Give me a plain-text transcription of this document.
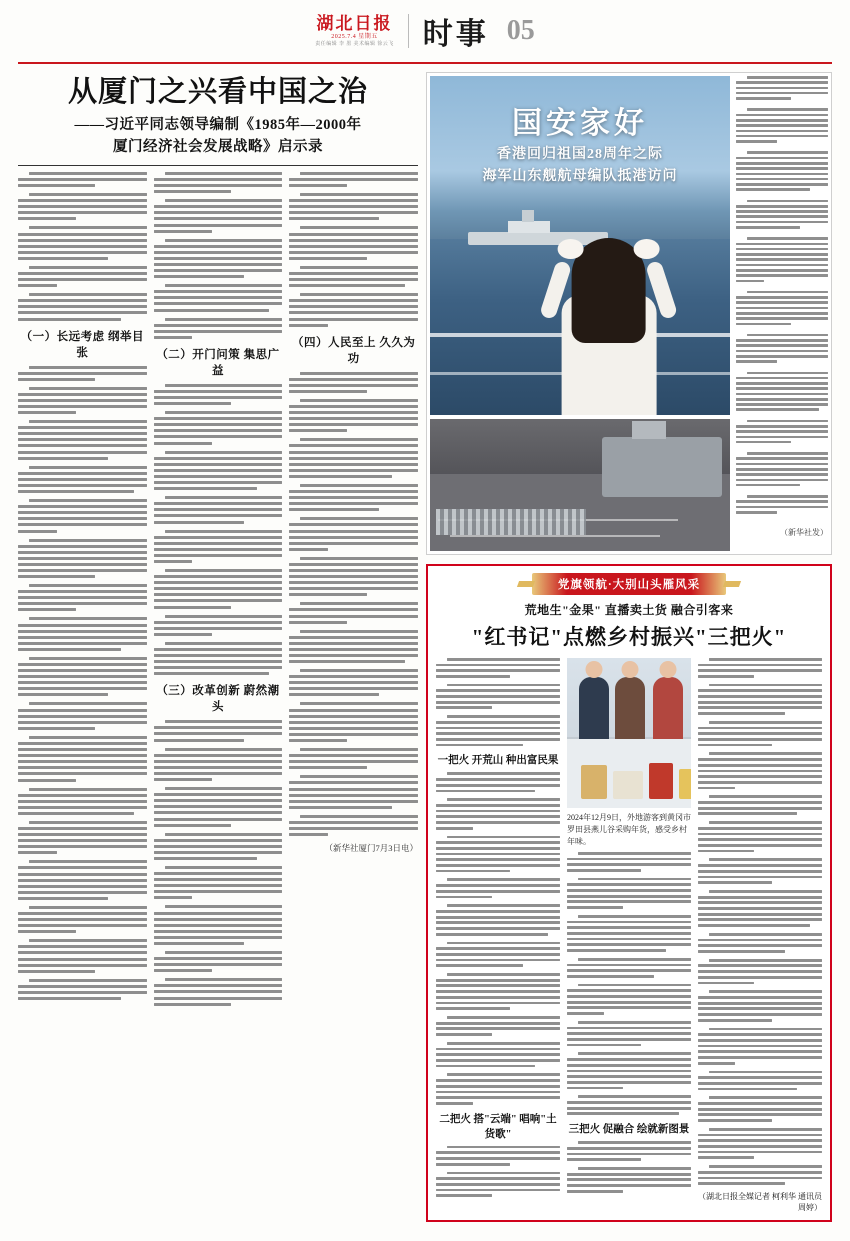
湖北日报
2025.7.4 星期五
责任编辑 李 墨 美术编辑 徐云飞 时事 05
从厦门之兴看中国之治
——习近平同志领导编制《1985年—2000年
厦门经济社会发展战略》启示录
（一）长远考虑 纲举目张	（二）开门问策 集思广益
（三）改革创新 蔚然潮头
（四）人民至上 久久为功
（新华社厦门7月3日电）
国安家好
香港回归祖国28周年之际
海军山东舰航母编队抵港访问
（新华社发）
党旗领航·大别山头雁风采
荒地生"金果" 直播卖土货 融合引客来
"红书记"点燃乡村振兴"三把火"
一把火 开荒山 种出富民果
二把火 搭"云端" 唱响"土货歌"
2024年12月9日，外地游客到黄冈市罗田县燕儿谷采购年货，感受乡村年味。
三把火 促融合 绘就新图景
（湖北日报全媒记者 柯利华 通讯员 周婷）
